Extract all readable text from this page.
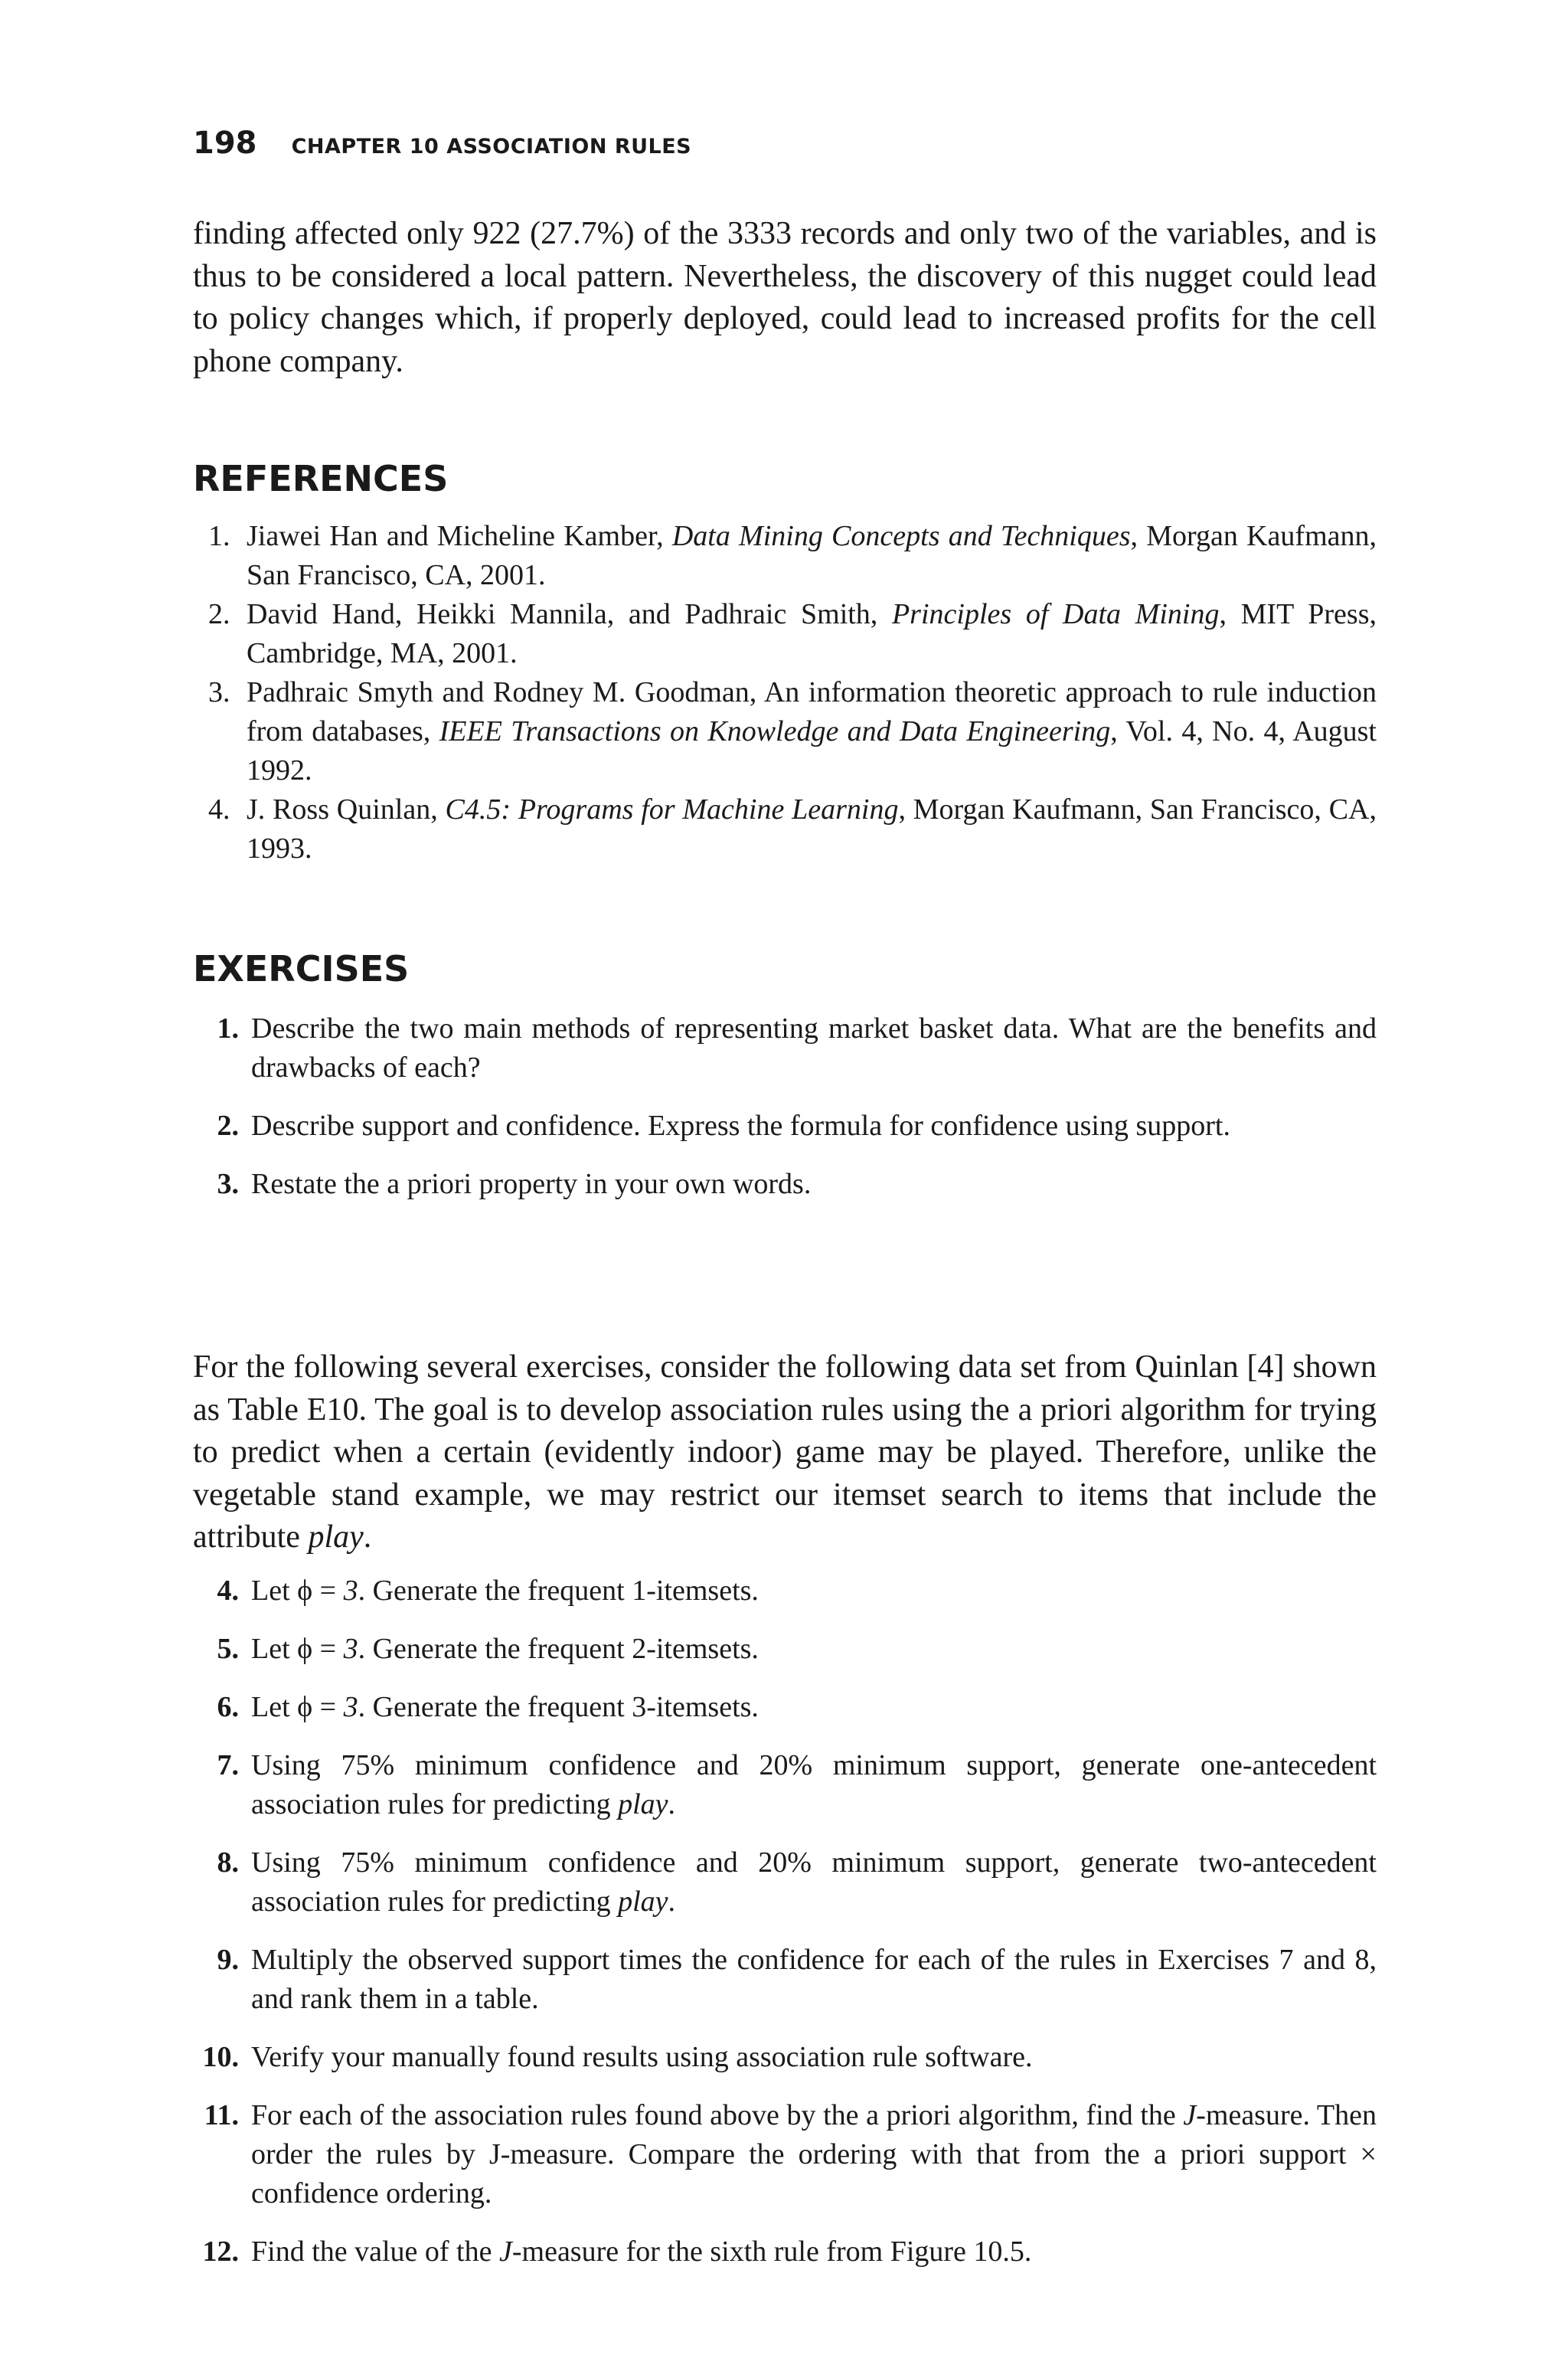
198 CHAPTER 10 ASSOCIATION RULES

finding affected only 922 (27.7%) of the 3333 records and only two of the variables, and is thus to be considered a local pattern. Nevertheless, the discovery of this nugget could lead to policy changes which, if properly deployed, could lead to increased profits for the cell phone company.

REFERENCES
1. Jiawei Han and Micheline Kamber, Data Mining Concepts and Techniques, Morgan Kaufmann, San Francisco, CA, 2001.
2. David Hand, Heikki Mannila, and Padhraic Smith, Principles of Data Mining, MIT Press, Cambridge, MA, 2001.
3. Padhraic Smyth and Rodney M. Goodman, An information theoretic approach to rule induction from databases, IEEE Transactions on Knowledge and Data Engineering, Vol. 4, No. 4, August 1992.
4. J. Ross Quinlan, C4.5: Programs for Machine Learning, Morgan Kaufmann, San Francisco, CA, 1993.
EXERCISES
1. Describe the two main methods of representing market basket data. What are the benefits and drawbacks of each?
2. Describe support and confidence. Express the formula for confidence using support.
3. Restate the a priori property in your own words.

For the following several exercises, consider the following data set from Quinlan [4] shown as Table E10. The goal is to develop association rules using the a priori algorithm for trying to predict when a certain (evidently indoor) game may be played. Therefore, unlike the vegetable stand example, we may restrict our itemset search to items that include the attribute play.

4. Let ϕ = 3. Generate the frequent 1-itemsets.
5. Let ϕ = 3. Generate the frequent 2-itemsets.
6. Let ϕ = 3. Generate the frequent 3-itemsets.
7. Using 75% minimum confidence and 20% minimum support, generate one-antecedent association rules for predicting play.
8. Using 75% minimum confidence and 20% minimum support, generate two-antecedent association rules for predicting play.
9. Multiply the observed support times the confidence for each of the rules in Exercises 7 and 8, and rank them in a table.
10. Verify your manually found results using association rule software.
11. For each of the association rules found above by the a priori algorithm, find the J-measure. Then order the rules by J-measure. Compare the ordering with that from the a priori support × confidence ordering.
12. Find the value of the J-measure for the sixth rule from Figure 10.5.
